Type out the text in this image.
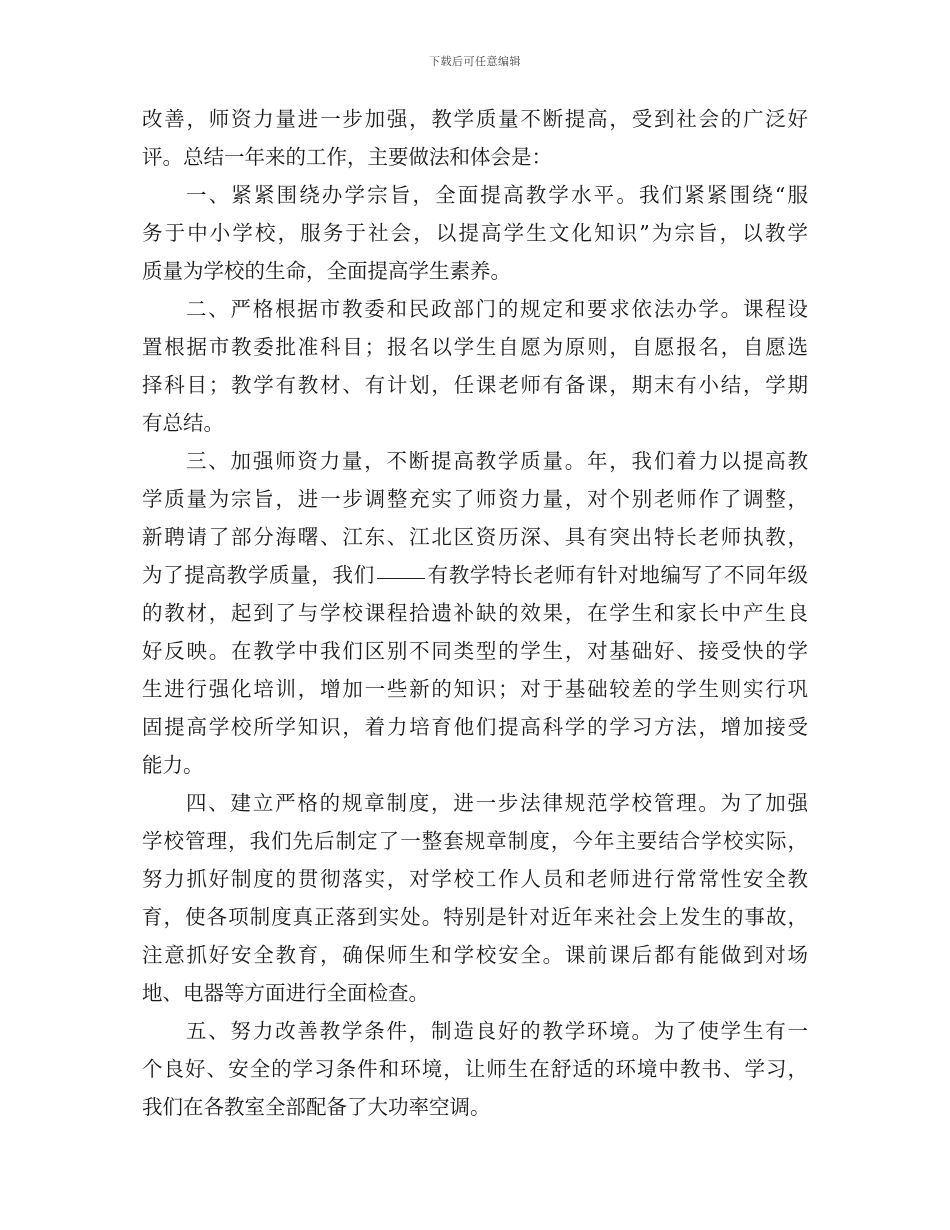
下载后可任意编辑
改善，师资力量进一步加强，教学质量不断提高，受到社会的广泛好
评。总结一年来的工作，主要做法和体会是：
一、紧紧围绕办学宗旨，全面提高教学水平。我们紧紧围绕“服
务于中小学校，服务于社会，以提高学生文化知识”为宗旨，以教学
质量为学校的生命，全面提高学生素养。
二、严格根据市教委和民政部门的规定和要求依法办学。课程设
置根据市教委批准科目；报名以学生自愿为原则，自愿报名，自愿选
择科目；教学有教材、有计划，任课老师有备课，期末有小结，学期
有总结。
三、加强师资力量，不断提高教学质量。年，我们着力以提高教
学质量为宗旨，进一步调整充实了师资力量，对个别老师作了调整，
新聘请了部分海曙、江东、江北区资历深、具有突出特长老师执教，
为了提高教学质量，我们	有教学特长老师有针对地编写了不同年级
的教材，起到了与学校课程拾遗补缺的效果，在学生和家长中产生良
好反映。在教学中我们区别不同类型的学生，对基础好、接受快的学
生进行强化培训，增加一些新的知识；对于基础较差的学生则实行巩
固提高学校所学知识，着力培育他们提高科学的学习方法，增加接受
能力。
四、建立严格的规章制度，进一步法律规范学校管理。为了加强
学校管理，我们先后制定了一整套规章制度，今年主要结合学校实际，
努力抓好制度的贯彻落实，对学校工作人员和老师进行常常性安全教
育，使各项制度真正落到实处。特别是针对近年来社会上发生的事故，
注意抓好安全教育，确保师生和学校安全。课前课后都有能做到对场
地、电器等方面进行全面检查。
五、努力改善教学条件，制造良好的教学环境。为了使学生有一
个良好、安全的学习条件和环境，让师生在舒适的环境中教书、学习，
我们在各教室全部配备了大功率空调。
